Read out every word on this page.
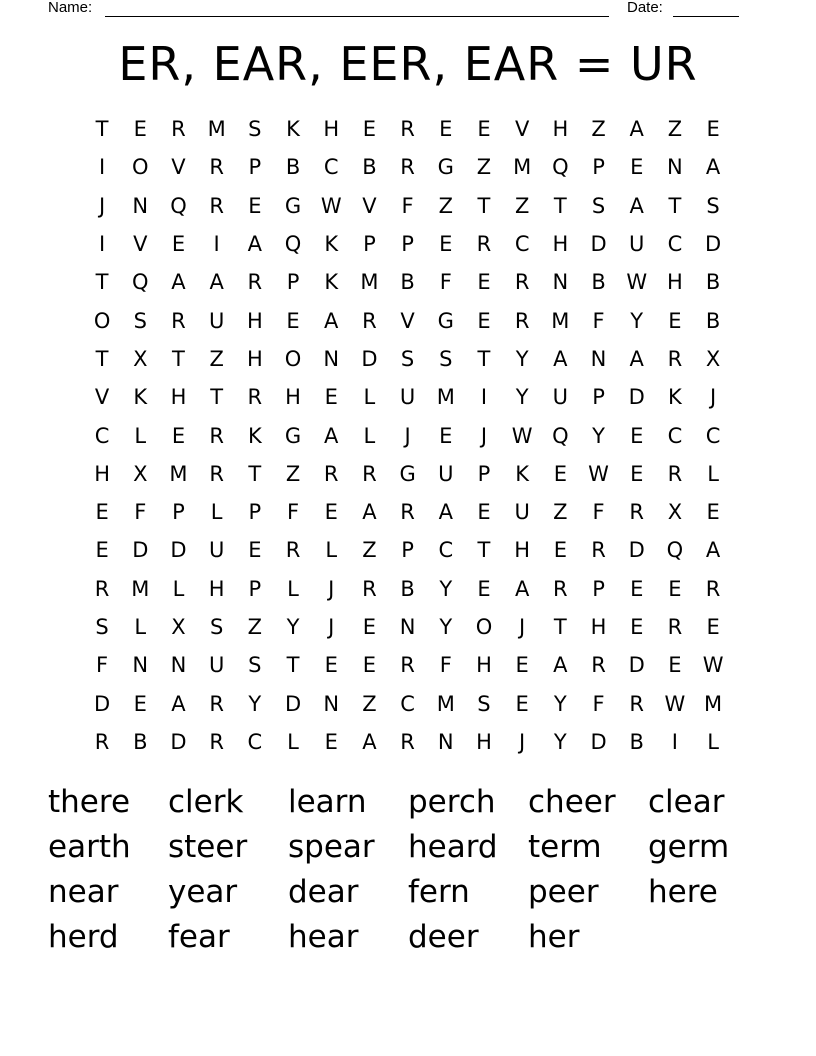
Name:	Date:
ER, EAR, EER, EAR = UR
T	E	R	M	S	K	H	E	R	E	E	V	H	Z	A	Z	E
I	O	V	R	P	B	C	B	R	G	Z	M Q	P	E	N	A
J	N	Q	R	E	G W V	F	Z	T	Z	T	S	A	T	S
I	V	E	I	A	Q	K	P	P	E	R	C	H	D	U	C	D
T	Q	A	A	R	P	K	M	B	F	E	R	N	B W H	B
O	S	R	U	H	E	A	R	V	G	E	R	M	F	Y	E	B
T	X	T	Z	H	O	N	D	S	S	T	Y	A	N	A	R	X
V	K	H	T	R	H	E	L	U	M	I	Y	U	P	D	K	J
C	L	E	R	K	G	A	L	J	E	J	W Q	Y	E	C	C
H	X	M	R	T	Z	R	R	G	U	P	K	E	W	E	R	L
E	F	P	L	P	F	E	A	R	A	E	U	Z	F	R	X	E
E	D	D	U	E	R	L	Z	P	C	T	H	E	R	D	Q	A
R	M	L	H	P	L	J	R	B	Y	E	A	R	P	E	E	R
S	L	X	S	Z	Y	J	E	N	Y	O	J	T	H	E	R	E
F	N	N	U	S	T	E	E	R	F	H	E	A	R	D	E	W
D	E	A	R	Y	D	N	Z	C	M	S	E	Y	F	R W M
R	B	D	R	C	L	E	A	R	N	H	J	Y	D	B	I	L
there	clerk	learn	perch	cheer	clear
earth	steer	spear	heard term	germ
near	year	dear	fern	peer	here
herd	fear	hear	deer	her
